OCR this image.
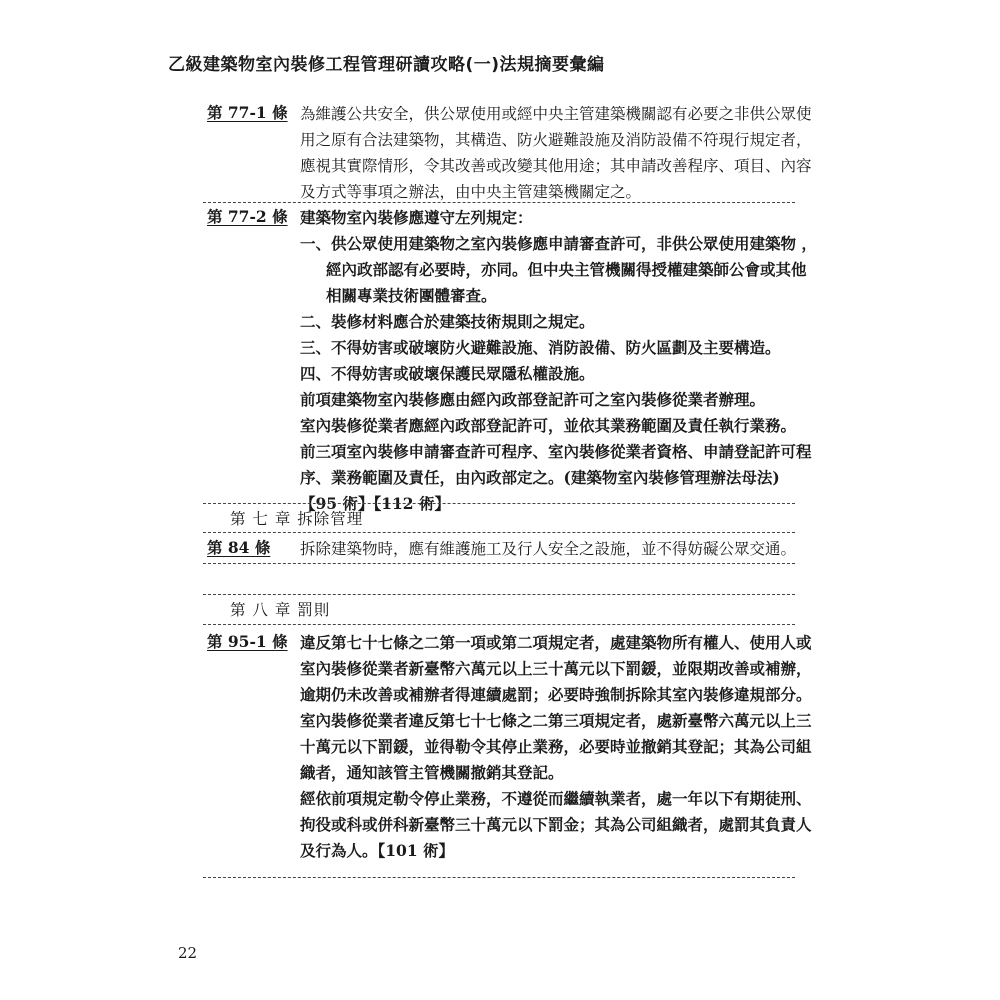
乙級建築物室內裝修工程管理研讀攻略(一)法規摘要彙編
第 77-1 條 為維護公共安全，供公眾使用或經中央主管建築機關認有必要之非供公眾使
用之原有合法建築物，其構造、防火避難設施及消防設備不符現行規定者，
應視其實際情形，令其改善或改變其他用途；其申請改善程序、項目、內容
及方式等事項之辦法，由中央主管建築機關定之。
第 77-2 條 建築物室內裝修應遵守左列規定：
一、供公眾使用建築物之室內裝修應申請審查許可，非供公眾使用建築物 ，
經內政部認有必要時，亦同。但中央主管機關得授權建築師公會或其他
相關專業技術團體審查。
二、裝修材料應合於建築技術規則之規定。
三、不得妨害或破壞防火避難設施、消防設備、防火區劃及主要構造。
四、不得妨害或破壞保護民眾隱私權設施。
前項建築物室內裝修應由經內政部登記許可之室內裝修從業者辦理。
室內裝修從業者應經內政部登記許可，並依其業務範圍及責任執行業務。
前三項室內裝修申請審查許可程序、室內裝修從業者資格、申請登記許可程
序、業務範圍及責任，由內政部定之。(建築物室內裝修管理辦法母法)
【95 術】【112 術】
第 七 章 拆除管理
第 84 條 拆除建築物時，應有維護施工及行人安全之設施，並不得妨礙公眾交通。
第 八 章 罰則
第 95-1 條 違反第七十七條之二第一項或第二項規定者，處建築物所有權人、使用人或
室內裝修從業者新臺幣六萬元以上三十萬元以下罰鍰，並限期改善或補辦，
逾期仍未改善或補辦者得連續處罰；必要時強制拆除其室內裝修違規部分。
室內裝修從業者違反第七十七條之二第三項規定者，處新臺幣六萬元以上三
十萬元以下罰鍰，並得勒令其停止業務，必要時並撤銷其登記；其為公司組
織者，通知該管主管機關撤銷其登記。
經依前項規定勒令停止業務，不遵從而繼續執業者，處一年以下有期徒刑、
拘役或科或併科新臺幣三十萬元以下罰金；其為公司組織者，處罰其負責人
及行為人。【101 術】
22
